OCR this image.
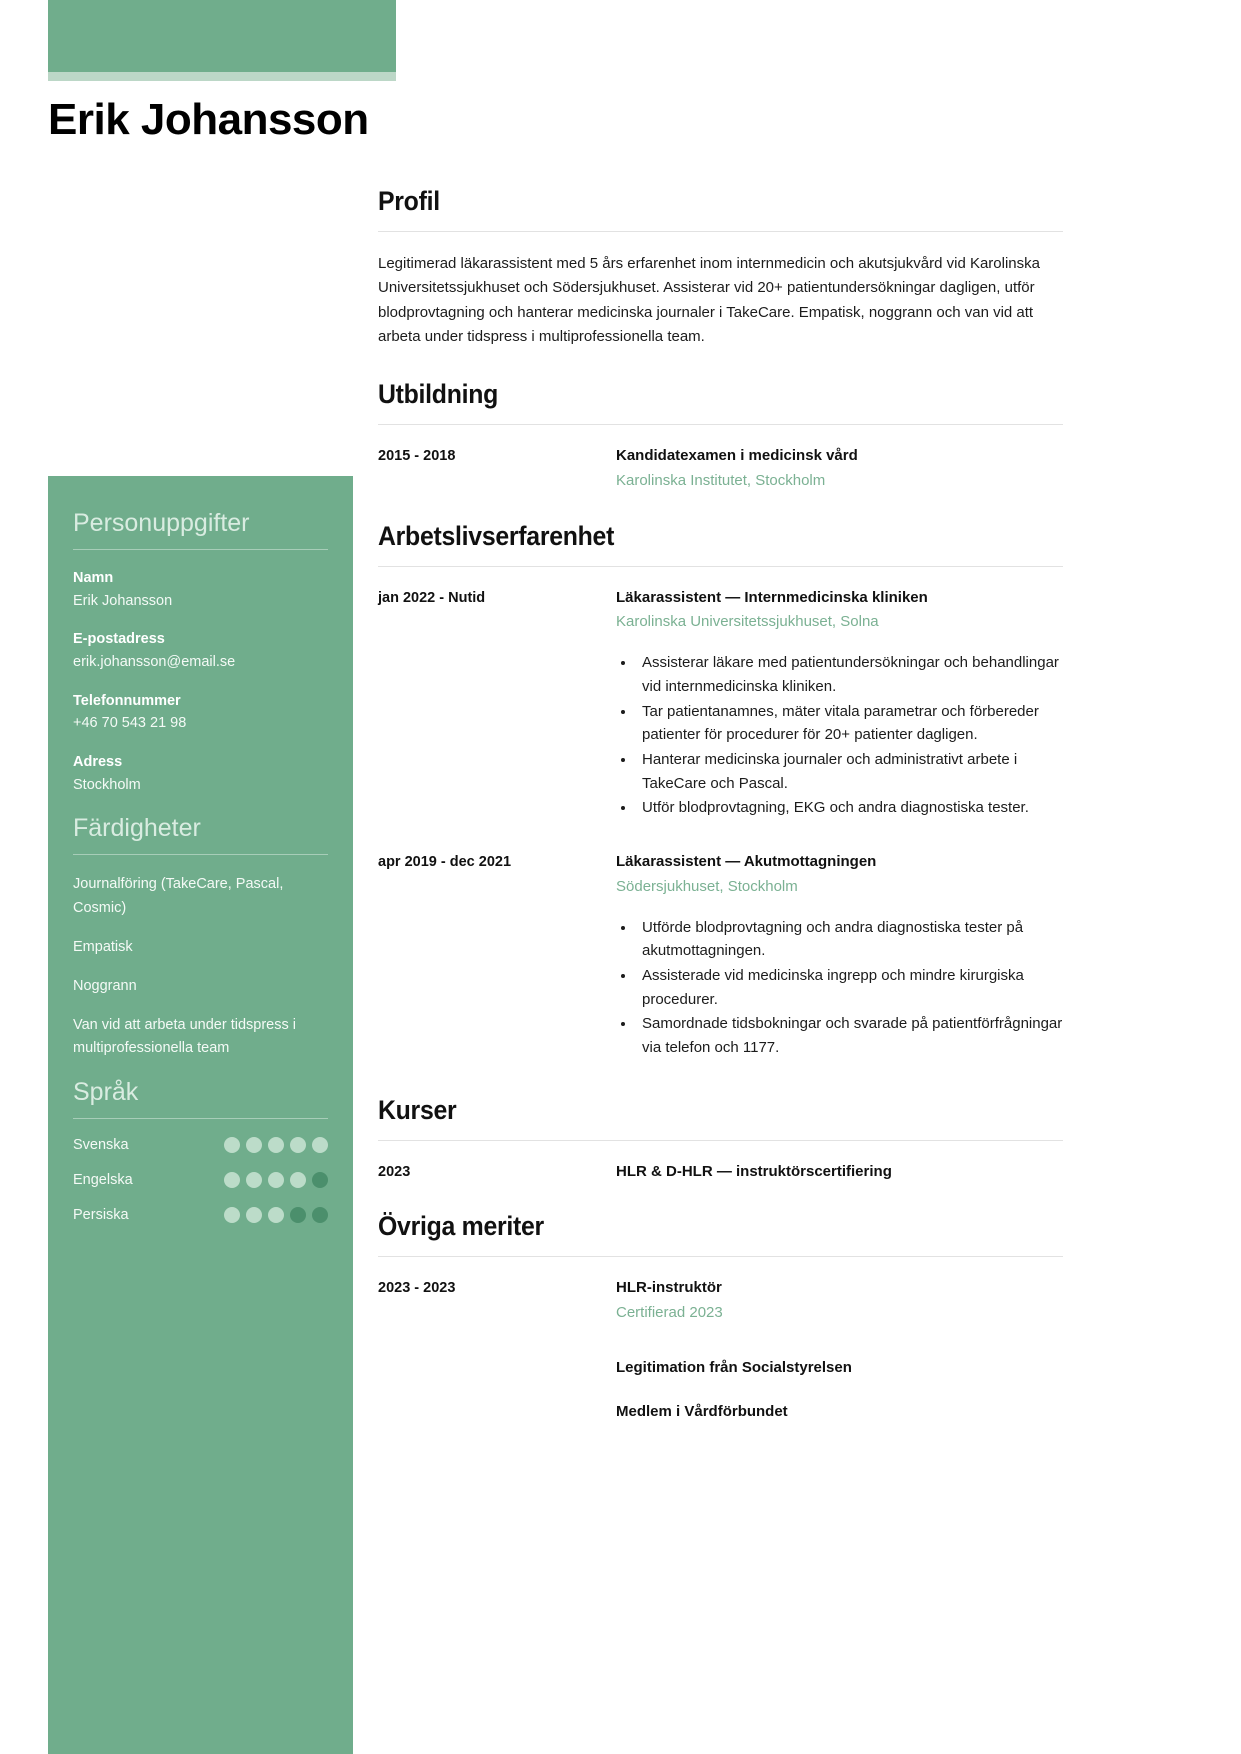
Erik Johansson
Personuppgifter
Namn
Erik Johansson
E-postadress
erik.johansson@email.se
Telefonnummer
+46 70 543 21 98
Adress
Stockholm
Färdigheter
Journalföring (TakeCare, Pascal, Cosmic)
Empatisk
Noggrann
Van vid att arbeta under tidspress i multiprofessionella team
Språk
Svenska
Engelska
Persiska
Profil

Legitimerad läkarassistent med 5 års erfarenhet inom internmedicin och akutsjukvård vid Karolinska Universitetssjukhuset och Södersjukhuset. Assisterar vid 20+ patientundersökningar dagligen, utför blodprovtagning och hanterar medicinska journaler i TakeCare. Empatisk, noggrann och van vid att arbeta under tidspress i multiprofessionella team.

Utbildning
2015 - 2018	Kandidatexamen i medicinsk vård
Karolinska Institutet, Stockholm
Arbetslivserfarenhet
jan 2022 - Nutid	Läkarassistent — Internmedicinska kliniken
Karolinska Universitetssjukhuset, Solna
• Assisterar läkare med patientundersökningar och behandlingar vid internmedicinska kliniken.
• Tar patientanamnes, mäter vitala parametrar och förbereder patienter för procedurer för 20+ patienter dagligen.
• Hanterar medicinska journaler och administrativt arbete i TakeCare och Pascal.
• Utför blodprovtagning, EKG och andra diagnostiska tester.
apr 2019 - dec 2021	Läkarassistent — Akutmottagningen
Södersjukhuset, Stockholm
• Utförde blodprovtagning och andra diagnostiska tester på akutmottagningen.
• Assisterade vid medicinska ingrepp och mindre kirurgiska procedurer.
• Samordnade tidsbokningar och svarade på patientförfrågningar via telefon och 1177.
Kurser
2023	HLR & D-HLR — instruktörscertifiering
Övriga meriter
2023 - 2023	HLR-instruktör
Certifierad 2023
Legitimation från Socialstyrelsen
Medlem i Vårdförbundet
